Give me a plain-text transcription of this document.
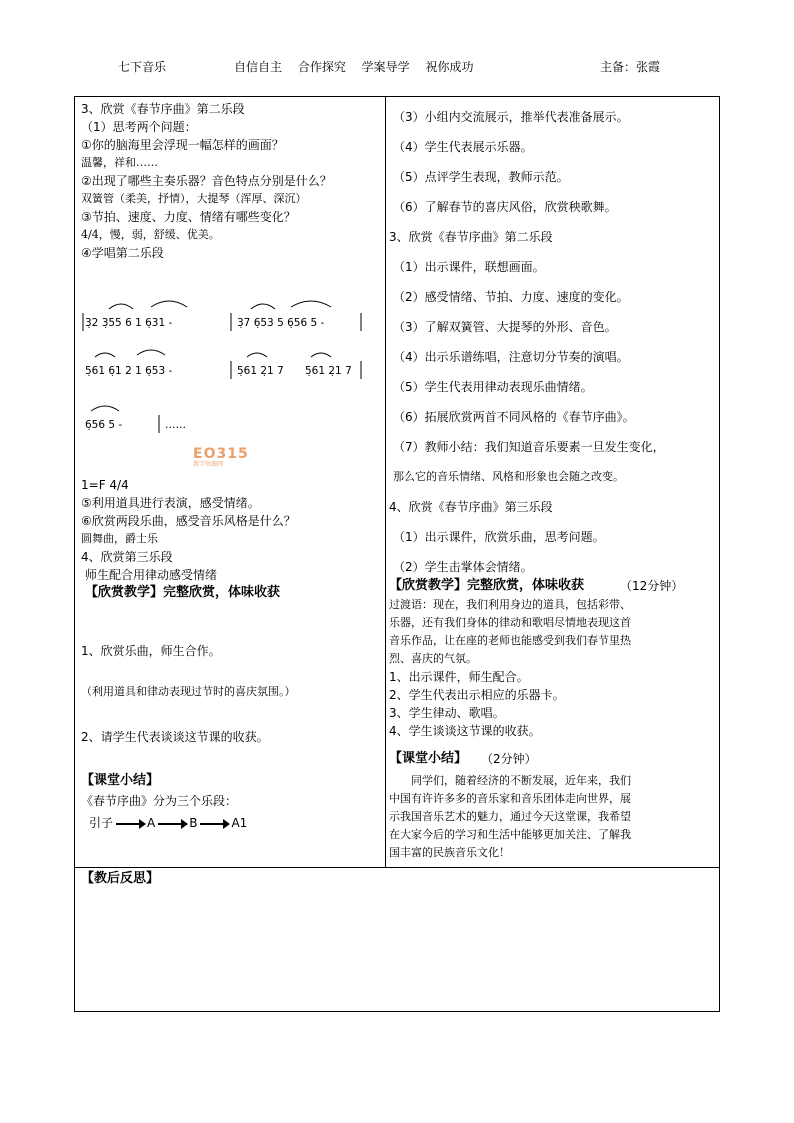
七下音乐	自信自主　 合作探究　 学案导学　 祝你成功	主备：张霞
3、欣赏《春节序曲》第二乐段
（1）思考两个问题：
①你的脑海里会浮现一幅怎样的画面？
温馨，祥和……
②出现了哪些主奏乐器？音色特点分别是什么？
双簧管（柔美，抒情），大提琴（浑厚、深沉）
③节拍、速度、力度、情绪有哪些变化？
4/4，慢，弱，舒缓、优美。
④学唱第二乐段
3̣2 3̣55 6 1 6̣31 -	3̣7 6̣53 5 6̣56 5 -
5̣61 6̣1 2 1 6̣53 -	5̣61 2̣1 7 5̣61 2̣1 7
6̣56 5 -	……
EO315
教学资源网
1=F 4/4
⑤利用道具进行表演，感受情绪。
⑥欣赏两段乐曲，感受音乐风格是什么？
圆舞曲，爵士乐
4、欣赏第三乐段
师生配合用律动感受情绪
【欣赏教学】完整欣赏，体味收获
1、欣赏乐曲，师生合作。
（利用道具和律动表现过节时的喜庆氛围。）
2、请学生代表谈谈这节课的收获。
【课堂小结】
《春节序曲》分为三个乐段：
引子	A	B	A1
（3）小组内交流展示，推举代表准备展示。
（4）学生代表展示乐器。
（5）点评学生表现，教师示范。
（6）了解春节的喜庆风俗，欣赏秧歌舞。
3、欣赏《春节序曲》第二乐段
（1）出示课件，联想画面。
（2）感受情绪、节拍、力度、速度的变化。
（3）了解双簧管、大提琴的外形、音色。
（4）出示乐谱练唱，注意切分节奏的演唱。
（5）学生代表用律动表现乐曲情绪。
（6）拓展欣赏两首不同风格的《春节序曲》。
（7）教师小结：我们知道音乐要素一旦发生变化，
那么它的音乐情绪、风格和形象也会随之改变。
4、欣赏《春节序曲》第三乐段
（1）出示课件，欣赏乐曲，思考问题。
（2）学生击掌体会情绪。
【欣赏教学】完整欣赏，体味收获	（12分钟）
过渡语：现在，我们利用身边的道具，包括彩带、
乐器，还有我们身体的律动和歌唱尽情地表现这首
音乐作品，让在座的老师也能感受到我们春节里热
烈、喜庆的气氛。
1、出示课件，师生配合。
2、学生代表出示相应的乐器卡。
3、学生律动、歌唱。
4、学生谈谈这节课的收获。
【课堂小结】 （2分钟）
　　同学们，随着经济的不断发展，近年来，我们
中国有许许多多的音乐家和音乐团体走向世界，展
示我国音乐艺术的魅力，通过今天这堂课，我希望
在大家今后的学习和生活中能够更加关注、了解我
国丰富的民族音乐文化！
【教后反思】
